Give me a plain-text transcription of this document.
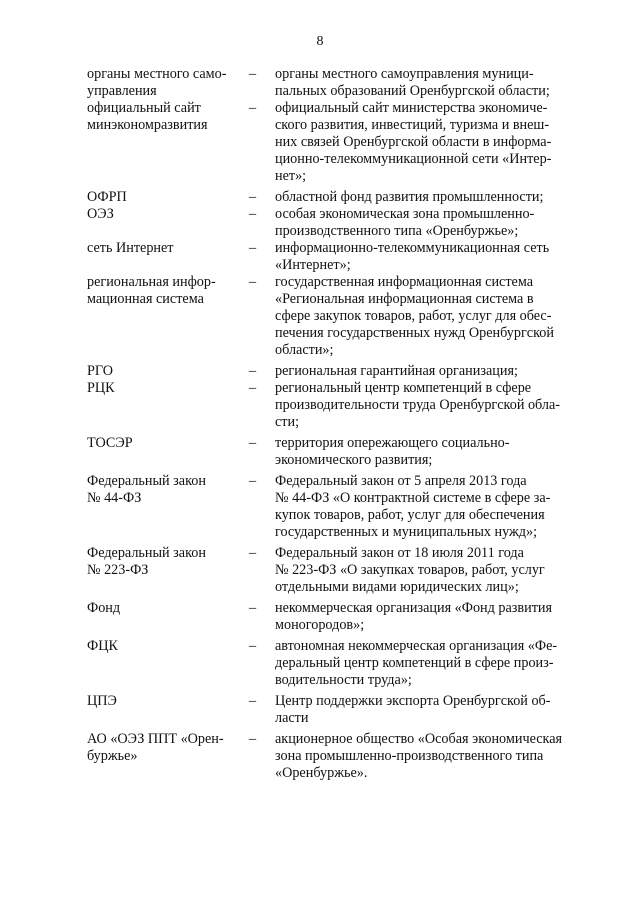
8
органы местного само-
управления
–	органы местного самоуправления муници-
пальных образований Оренбургской области;
официальный сайт
минэкономразвития
–	официальный сайт министерства экономиче-
ского развития, инвестиций, туризма и внеш-
них связей Оренбургской области в информа-
ционно-телекоммуникационной сети «Интер-
нет»;
ОФРП	–	областной фонд развития промышленности;
ОЭЗ	–	особая экономическая зона промышленно-
производственного типа «Оренбуржье»;
сеть Интернет	–	информационно-телекоммуникационная сеть
«Интернет»;
региональная инфор-
мационная система
–	государственная информационная система
«Региональная информационная система в
сфере закупок товаров, работ, услуг для обес-
печения государственных нужд Оренбургской
области»;
РГО	–	региональная гарантийная организация;
РЦК	–	региональный центр компетенций в сфере
производительности труда Оренбургской обла-
сти;
ТОСЭР	–	территория опережающего социально-
экономического развития;
Федеральный закон
№ 44-ФЗ
–	Федеральный закон от 5 апреля 2013 года
№ 44-ФЗ «О контрактной системе в сфере за-
купок товаров, работ, услуг для обеспечения
государственных и муниципальных нужд»;
Федеральный закон
№ 223-ФЗ
–	Федеральный закон от 18 июля 2011 года
№ 223-ФЗ «О закупках товаров, работ, услуг
отдельными видами юридических лиц»;
Фонд	–	некоммерческая организация «Фонд развития
моногородов»;
ФЦК	–	автономная некоммерческая организация «Фе-
деральный центр компетенций в сфере произ-
водительности труда»;
ЦПЭ	–	Центр поддержки экспорта Оренбургской об-
ласти
АО «ОЭЗ ППТ «Орен-
буржье»
–	акционерное общество «Особая экономическая
зона промышленно-производственного типа
«Оренбуржье».
